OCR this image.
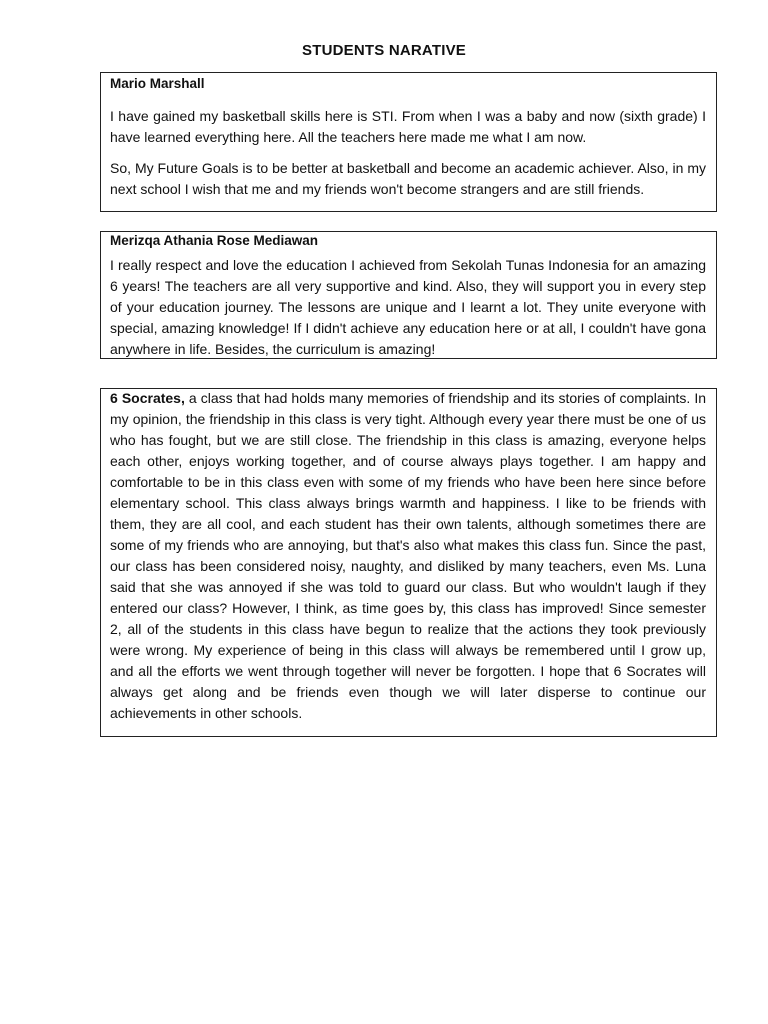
STUDENTS NARATIVE

Mario Marshall

I have gained my basketball skills here is STI. From when I was a baby and now (sixth grade) I have learned everything here. All the teachers here made me what I am now.

So, My Future Goals is to be better at basketball and become an academic achiever. Also, in my next school I wish that me and my friends won't become strangers and are still friends.

Merizqa Athania Rose Mediawan

I really respect and love the education I achieved from Sekolah Tunas Indonesia for an amazing 6 years! The teachers are all very supportive and kind. Also, they will support you in every step of your education journey. The lessons are unique and I learnt a lot. They unite everyone with special, amazing knowledge! If I didn't achieve any education here or at all, I couldn't have gona anywhere in life. Besides, the curriculum is amazing!

6 Socrates, a class that had holds many memories of friendship and its stories of complaints. In my opinion, the friendship in this class is very tight. Although every year there must be one of us who has fought, but we are still close. The friendship in this class is amazing, everyone helps each other, enjoys working together, and of course always plays together. I am happy and comfortable to be in this class even with some of my friends who have been here since before elementary school. This class always brings warmth and happiness. I like to be friends with them, they are all cool, and each student has their own talents, although sometimes there are some of my friends who are annoying, but that's also what makes this class fun. Since the past, our class has been considered noisy, naughty, and disliked by many teachers, even Ms. Luna said that she was annoyed if she was told to guard our class. But who wouldn't laugh if they entered our class? However, I think, as time goes by, this class has improved! Since semester 2, all of the students in this class have begun to realize that the actions they took previously were wrong. My experience of being in this class will always be remembered until I grow up, and all the efforts we went through together will never be forgotten. I hope that 6 Socrates will always get along and be friends even though we will later disperse to continue our achievements in other schools.
